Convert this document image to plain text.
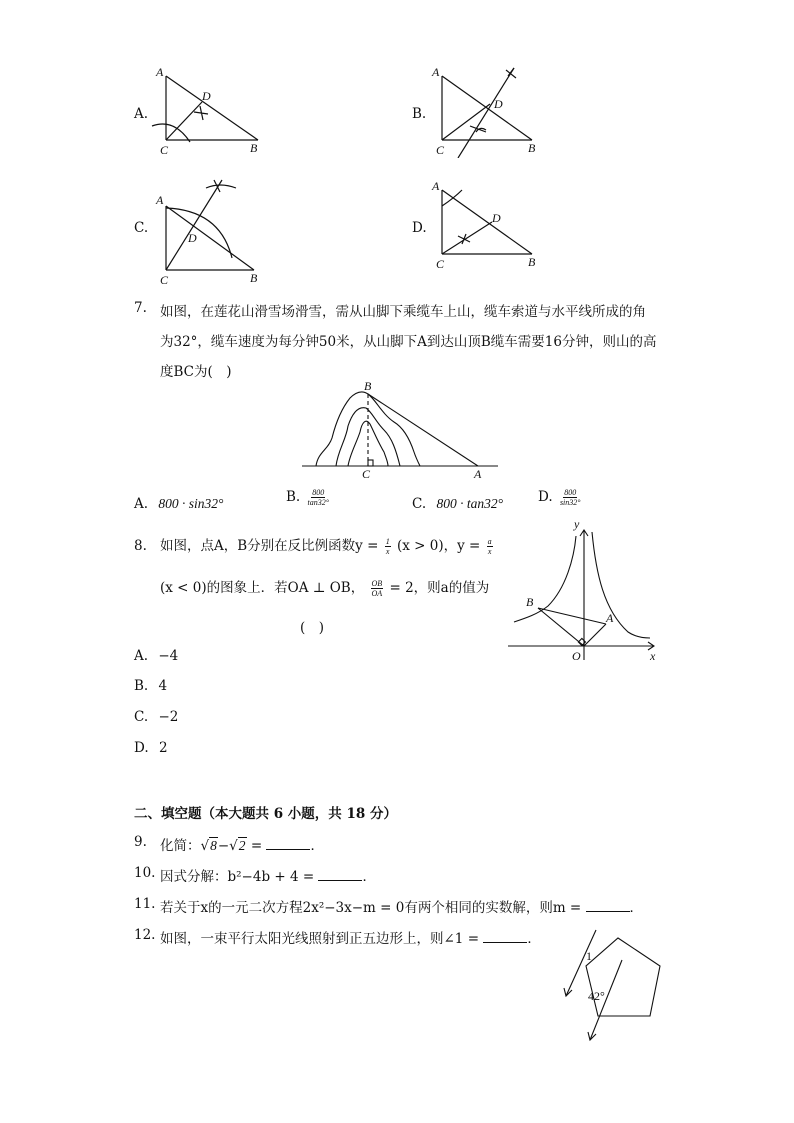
A.
A
D
C	B
B.
A
D
C	B
C.
A
D
C	B
D.
A
D
C	B
7. 如图，在莲花山滑雪场滑雪，需从山脚下乘缆车上山，缆车索道与水平线所成的角
为32°，缆车速度为每分钟50米，从山脚下A到达山顶B缆车需要16分钟，则山的高
度BC为(　)
B
C	A
A. 800 · sin32°	B. $\frac{800}{\tan 32^\circ}$	C. 800 · tan32°	D. $\frac{800}{\sin 32^\circ}$
8. 如图，点A，B分别在反比例函数$y = \frac{1}{x} (x > 0)$，$y = \frac{a}{x}$
(x < 0)的图象上．若OA ⊥ OB， $\frac{OB}{OA} = 2$，则a的值为
(　)
y
x
O
A
B
A. −4
B. 4
C. −2
D. 2
二、填空题（本大题共 6 小题，共 18 分）
9. 化简：√8−√2 =	．
10. 因式分解：b²−4b + 4 =	．
11. 若关于x的一元二次方程2x²−3x−m = 0有两个相同的实数解，则m =	．
12. 如图，一束平行太阳光线照射到正五边形上，则∠1 =	．
1
42°
